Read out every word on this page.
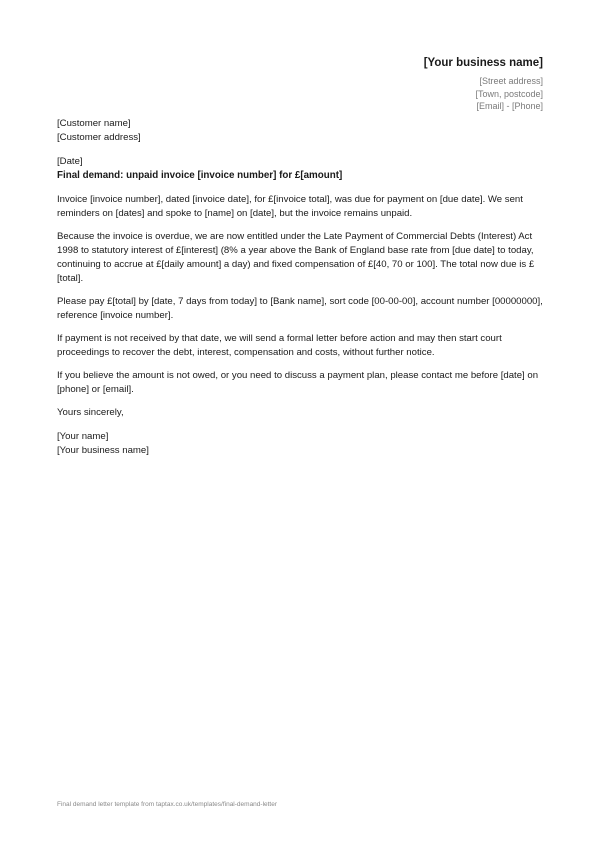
[Your business name]
[Street address]
[Town, postcode]
[Email] - [Phone]

[Customer name]

[Customer address]

[Date]

Final demand: unpaid invoice [invoice number] for £[amount]

Invoice [invoice number], dated [invoice date], for £[invoice total], was due for payment on [due date]. We sent reminders on [dates] and spoke to [name] on [date], but the invoice remains unpaid.

Because the invoice is overdue, we are now entitled under the Late Payment of Commercial Debts (Interest) Act 1998 to statutory interest of £[interest] (8% a year above the Bank of England base rate from [due date] to today, continuing to accrue at £[daily amount] a day) and fixed compensation of £[40, 70 or 100]. The total now due is £[total].

Please pay £[total] by [date, 7 days from today] to [Bank name], sort code [00-00-00], account number [00000000], reference [invoice number].

If payment is not received by that date, we will send a formal letter before action and may then start court proceedings to recover the debt, interest, compensation and costs, without further notice.

If you believe the amount is not owed, or you need to discuss a payment plan, please contact me before [date] on [phone] or [email].

Yours sincerely,

[Your name]

[Your business name]

Final demand letter template from taptax.co.uk/templates/final-demand-letter
